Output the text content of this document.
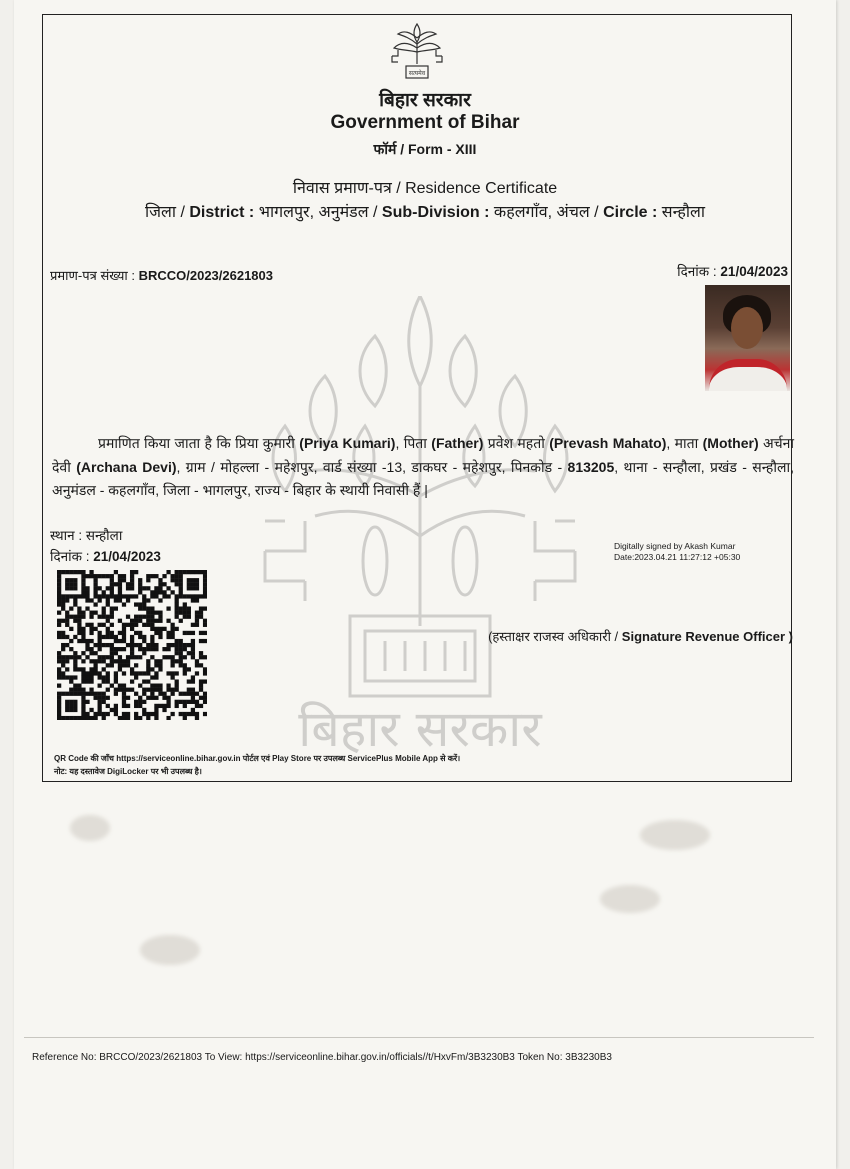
सत्यमेव
बिहार सरकार
Government of Bihar
फॉर्म / Form - XIII
निवास प्रमाण-पत्र / Residence Certificate
जिला / District : भागलपुर, अनुमंडल / Sub-Division : कहलगाँव, अंचल / Circle : सन्हौला
प्रमाण-पत्र संख्या : BRCCO/2023/2621803	दिनांक : 21/04/2023
बिहार सरकार
प्रमाणित किया जाता है कि प्रिया कुमारी (Priya Kumari), पिता (Father) प्रवेश महतो (Prevash Mahato), माता (Mother) अर्चना देवी (Archana Devi), ग्राम / मोहल्ला - महेशपुर, वार्ड संख्या -13, डाकघर - महेशपुर, पिनकोड - 813205, थाना - सन्हौला, प्रखंड - सन्हौला, अनुमंडल - कहलगाँव, जिला - भागलपुर, राज्य - बिहार के स्थायी निवासी हैं |
स्थान : सन्हौला
दिनांक : 21/04/2023
Digitally signed by Akash Kumar
Date:2023.04.21 11:27:12 +05:30
(हस्ताक्षर राजस्व अधिकारी / Signature Revenue Officer )
QR Code की जाँच https://serviceonline.bihar.gov.in पोर्टल एवं Play Store पर उपलब्ध ServicePlus Mobile App से करें।
नोट: यह दस्तावेज DigiLocker पर भी उपलब्ध है।
Reference No: BRCCO/2023/2621803 To View: https://serviceonline.bihar.gov.in/officials//t/HxvFm/3B3230B3 Token No: 3B3230B3
